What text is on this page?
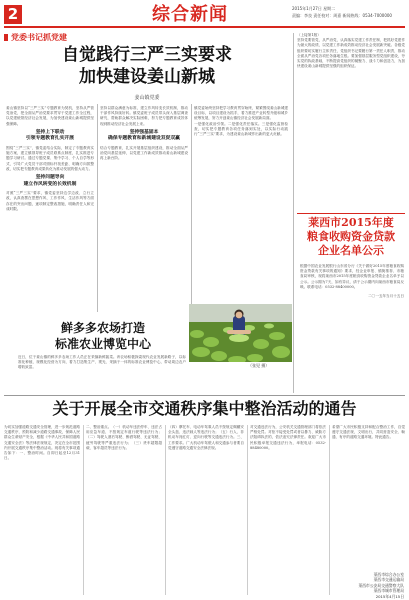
2	综合新闻	2015年1月27日 星期二
责编：李良 责任校对：周嘉 新闻热线：0534-7000000
党委书记抓党建
自觉践行三严三实要求
加快建设姜山新城
姜山镇党委

姜山镇坚持以“三严三实”专题教育为契机，坚持从严管党治党，把全面从严治党要求贯穿于党建工作全过程，以党建统领经济社会发展，为加快建设姜山新城提供坚强保障。

坚持上下联动
引领专题教育扎实开展

围绕“三严三实”，镇党委结合实际，制定了专题教育实施方案，建立镇领导班子成员联系点制度，扎实推进专题学习研讨。通过专题党课、集中学习、个人自学等形式，引导广大党员干部对照标杆找差距、明确方向抓整改，切实把专题教育成果转化为推动发展的强大动力。

坚持问题导向
建立作风转变的长效机制

对照“三严三实”要求，镇党委坚持边学边改、立行立改，认真查摆在思想作风、工作作风、生活作风等方面存在的突出问题，逐项制定整改措施，明确责任人和完成时限。

坚持以群众满意为标准，建立作风转变长效机制，推动干部作风持续好转。镇党委班子成员带头深入基层调查研究，帮助群众解决实际困难，努力把专题教育成效体现到推动经济社会发展上来。

坚持强基固本
确保专题教育和新城建设双促双赢

结合专题教育，扎实开展基层组织建设，推动全面从严治党向基层延伸，以党建工作新成效推动姜山新城建设再上新台阶。

镇党委始终坚持把学习教育贯穿始终，紧紧围绕姜山新城建设目标，以项目建设为抓手，着力推进产业转型升级和城乡统筹发展，努力开创姜山镇经济社会发展新局面。

一是强化政治引领。二是强化责任落实。三是强化监督检查，切实把专题教育各项任务落到实处，以实际行动践行“三严三实”要求，为建设姜山新城作出新的更大贡献。

鲜多多农场打造
标准农业博览中心
近日，位于姜山镇的鲜多多农场工作人员正在采摘新鲜蔬菜。该农场积极探索现代农业发展新路子，以标准化种植、规模化经营为方向，着力打造集生产、观光、采摘于一体的标准农业博览中心，带动周边农户增收致富。	（张见 摄）

（上接第1版）

坚持党要管党，从严治党，认真落实党建工作责任制，把抓好党建作为最大的政绩，以党建工作新成效推动经济社会发展新突破。各级党组织要切实履行主体责任，党组织书记要履行第一责任人职责，推动全面从严治党各项任务落地生根。要加强基层服务型党组织建设，夯实党的执政基础，不断提高党组织的凝聚力、战斗力和创造力，为加快建设姜山新城提供坚强的组织保证。

莱西市2015年度
粮食收购资金贷款
企业名单公示

根据中国农业发展银行山东省分行《关于做好2015年度粮食收购资金贷款有关事项的通知》要求，经企业申报、镇街推荐、市粮食局审核，现将莱西市2015年度粮食收购资金贷款企业名单予以公示。公示期为7天，如有异议，请于公示期内向莱西市粮食局反映。联系电话：0532-88400000。

二〇一五年当月十五日

关于开展全市交通秩序集中整治活动的通告
为切实加强道路交通安全管理，进一步规范道路交通秩序，预防和减少道路交通事故，保障人民群众生命财产安全，根据《中华人民共和国道路交通安全法》等法律法规规定，决定在全市范围内开展交通秩序集中整治活动。现将有关事项通告如下：一、整治时间。自即日起至12月31日。
二、整治重点。（一）机动车违法停车、违法占用应急车道、不按规定车道行驶等违法行为；（二）驾驶人酒后驾驶、醉酒驾驶、无证驾驶、疲劳驾驶等严重违法行为；（三）货车超限超载、客车超员等违法行为。
（四）摩托车、电动车驾乘人员不按规定佩戴安全头盔、违法载人等违法行为；（五）行人、非机动车闯红灯、逆向行驶等交通违法行为。三、工作要求。广大机动车驾驶人和交通参与者要自觉遵守道路交通安全法律法规。
对交通违法行为，公安机关交通管理部门将依法严格处罚。对拒不接受处罚或者以暴力、威胁方法阻碍执法的，依法追究法律责任。欢迎广大市民积极举报交通违法行为，举报电话：0532-88480000。
希望广大市民积极支持和配合整治工作，自觉遵守交通法规，文明出行，共同营造安全、畅通、有序的道路交通环境。特此通告。
莱西市综合办公室
莱西市交通运输局
莱西市公安局交通警察大队
莱西市城市管理局
2015年4月15日
